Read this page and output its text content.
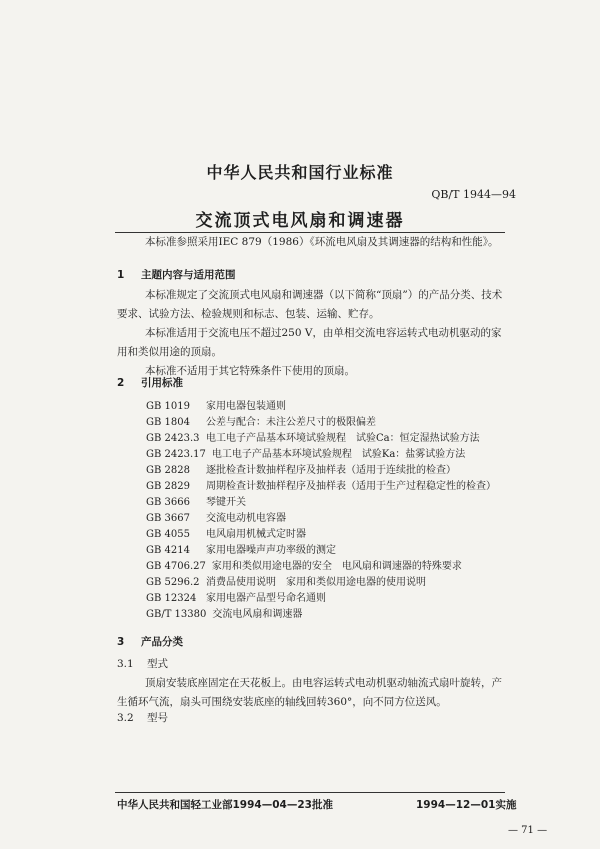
中华人民共和国行业标准
QB/T 1944—94
交流顶式电风扇和调速器
本标准参照采用IEC 879（1986）《环流电风扇及其调速器的结构和性能》。
1 主题内容与适用范围
本标准规定了交流顶式电风扇和调速器（以下简称“顶扇”）的产品分类、技术要求、试验方法、检验规则和标志、包装、运输、贮存。
本标准适用于交流电压不超过250 V，由单相交流电容运转式电动机驱动的家用和类似用途的顶扇。
本标准不适用于其它特殊条件下使用的顶扇。
2 引用标准
GB 1019 家用电器包装通则
GB 1804 公差与配合：未注公差尺寸的极限偏差
GB 2423.3 电工电子产品基本环境试验规程　试验Ca：恒定湿热试验方法
GB 2423.17 电工电子产品基本环境试验规程　试验Ka：盐雾试验方法
GB 2828 逐批检查计数抽样程序及抽样表（适用于连续批的检查）
GB 2829 周期检查计数抽样程序及抽样表（适用于生产过程稳定性的检查）
GB 3666 琴键开关
GB 3667 交流电动机电容器
GB 4055 电风扇用机械式定时器
GB 4214 家用电器噪声声功率级的测定
GB 4706.27 家用和类似用途电器的安全　电风扇和调速器的特殊要求
GB 5296.2 消费品使用说明　家用和类似用途电器的使用说明
GB 12324 家用电器产品型号命名通则
GB/T 13380 交流电风扇和调速器
3 产品分类
3.1 型式
顶扇安装底座固定在天花板上。由电容运转式电动机驱动轴流式扇叶旋转，产生循环气流，扇头可围绕安装底座的轴线回转360°，向不同方位送风。
3.2 型号
中华人民共和国轻工业部1994—04—23批准	1994—12—01实施
— 71 —
